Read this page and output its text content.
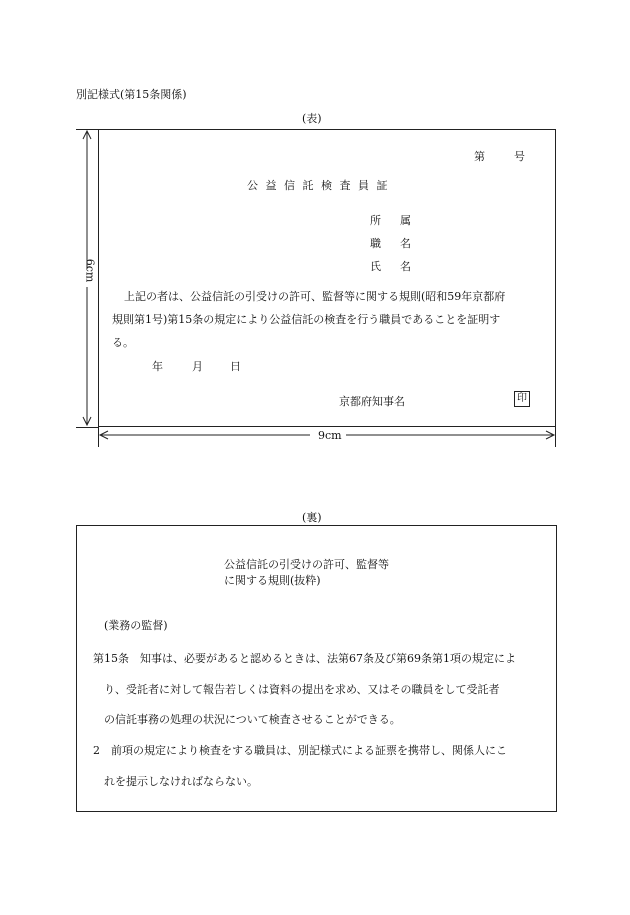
別記様式(第15条関係)
(表)
6cm
9cm
第	号
公 益 信 託 検 査 員 証
所　属
職　名
氏　名
上記の者は、公益信託の引受けの許可、監督等に関する規則(昭和59年京都府
規則第1号)第15条の規定により公益信託の検査を行う職員であることを証明す
る。
年	月 日
京都府知事名	印
(裏)
公益信託の引受けの許可、監督等
に関する規則(抜粋)
(業務の監督)
第15条　知事は、必要があると認めるときは、法第67条及び第69条第1項の規定によ
り、受託者に対して報告若しくは資料の提出を求め、又はその職員をして受託者
の信託事務の処理の状況について検査させることができる。
2　前項の規定により検査をする職員は、別記様式による証票を携帯し、関係人にこ
れを提示しなければならない。
